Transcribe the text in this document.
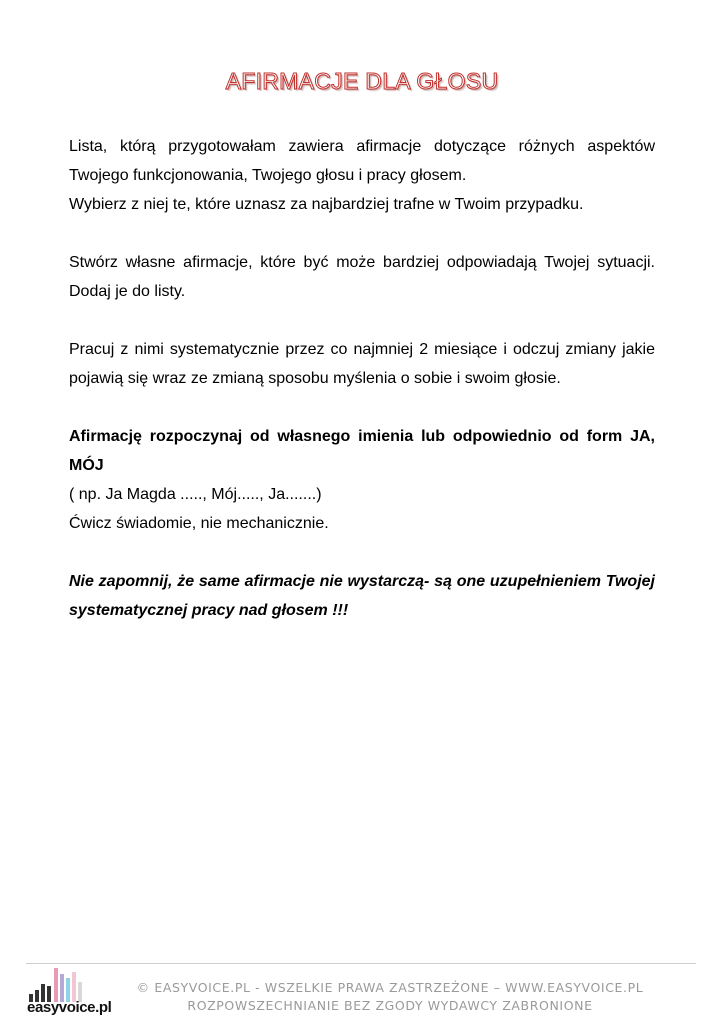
AFIRMACJE DLA GŁOSU

Lista, którą przygotowałam zawiera afirmacje dotyczące różnych aspektów Twojego funkcjonowania, Twojego głosu i pracy głosem.

Wybierz z niej te, które uznasz za najbardziej trafne w Twoim przypadku.

Stwórz własne afirmacje, które być może bardziej odpowiadają Twojej sytuacji. Dodaj je do listy.

Pracuj z nimi systematycznie przez co najmniej 2 miesiące i odczuj zmiany jakie pojawią się wraz ze zmianą sposobu myślenia o sobie i swoim głosie.

Afirmację rozpoczynaj od własnego imienia lub odpowiednio od form JA, MÓJ

( np. Ja Magda ....., Mój....., Ja.......)

Ćwicz świadomie, nie mechanicznie.

Nie zapomnij, że same afirmacje nie wystarczą- są one uzupełnieniem Twojej systematycznej pracy nad głosem !!!

easyvoice.pl
© EASYVOICE.PL - WSZELKIE PRAWA ZASTRZEŻONE – WWW.EASYVOICE.PL
ROZPOWSZECHNIANIE BEZ ZGODY WYDAWCY ZABRONIONE
